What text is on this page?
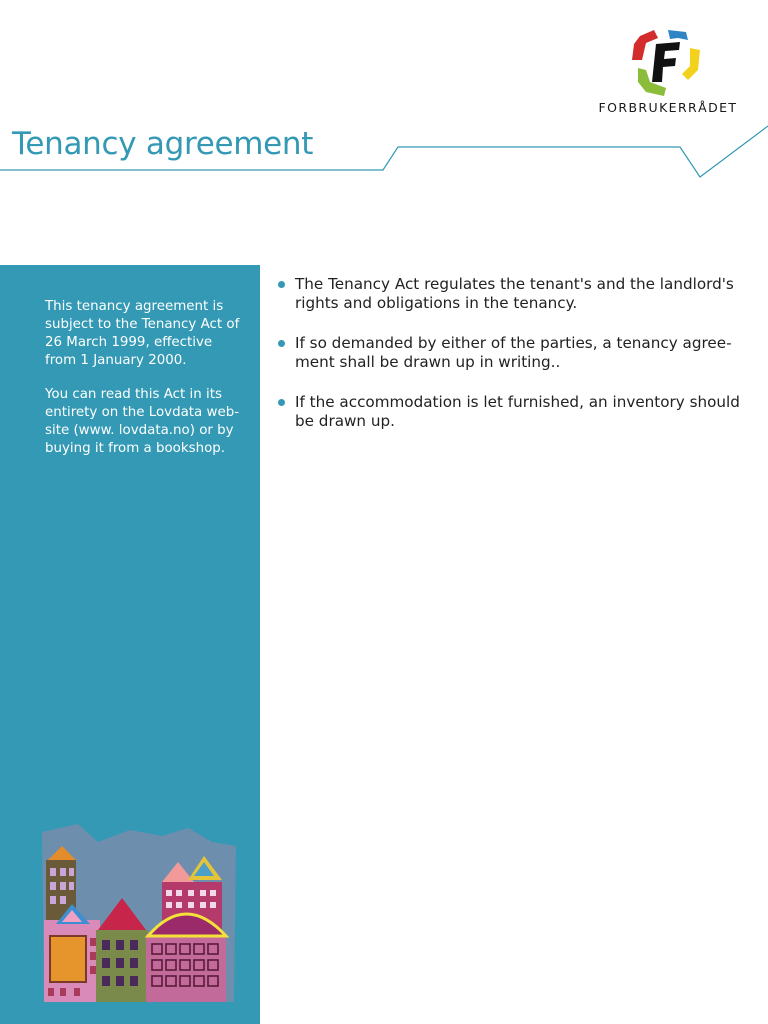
Tenancy agreement
FORBRUKERRÅDET

This tenancy agreement is subject to the Tenancy Act of 26 March 1999, effective from 1 January 2000.

You can read this Act in its entirety on the Lovdata web-site (www. lovdata.no) or by buying it from a bookshop.

The Tenancy Act regulates the tenant's and the landlord's rights and obligations in the tenancy.
If so demanded by either of the parties, a tenancy agree-ment shall be drawn up in writing..
If the accommodation is let furnished, an inventory should be drawn up.
